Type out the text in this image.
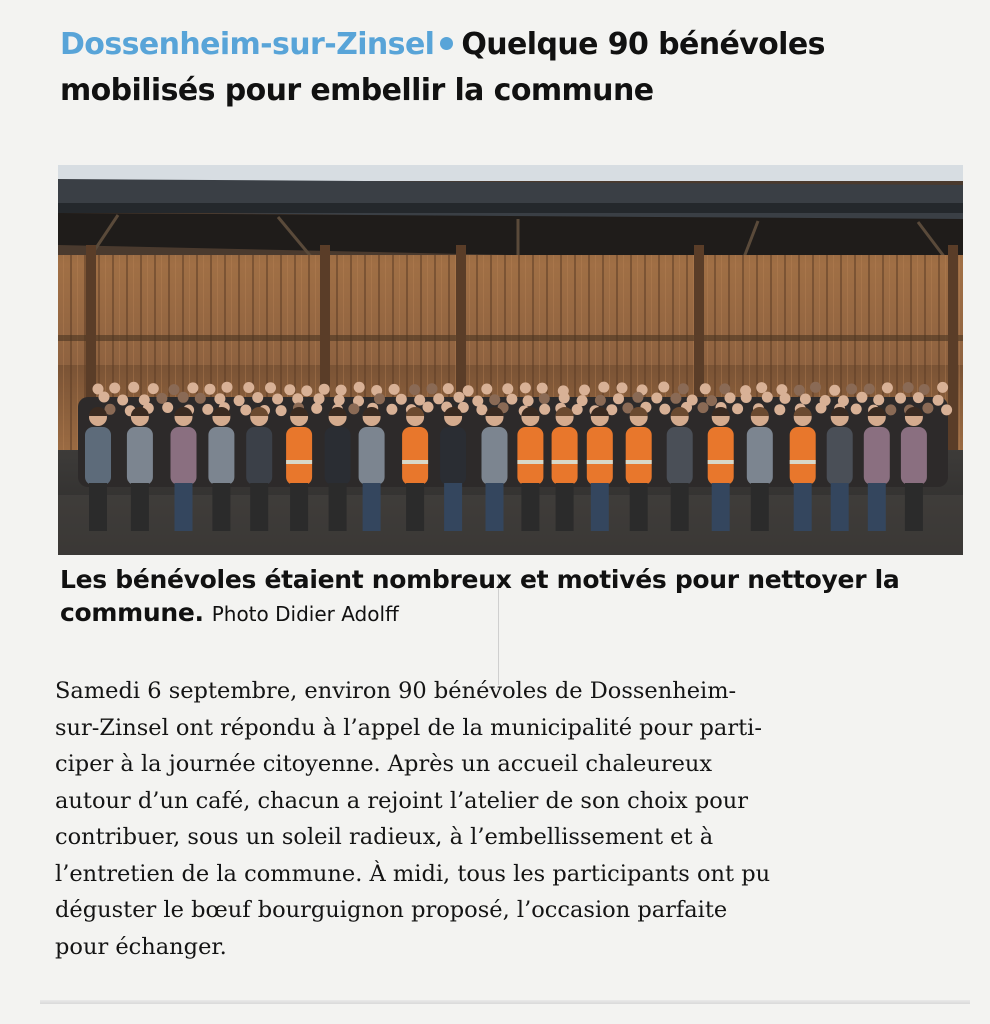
Dossenheim-sur-Zinsel Quelque 90 bénévoles
mobilisés pour embellir la commune
Les bénévoles étaient nombreux et motivés pour nettoyer la commune. Photo Didier Adolff
Samedi 6 septembre, environ 90 bénévoles de Dossenheim-
sur-Zinsel ont répondu à l’appel de la municipalité pour parti-
ciper à la journée citoyenne. Après un accueil chaleureux
autour d’un café, chacun a rejoint l’atelier de son choix pour
contribuer, sous un soleil radieux, à l’embellissement et à
l’entretien de la commune. À midi, tous les participants ont pu
déguster le bœuf bourguignon proposé, l’occasion parfaite
pour échanger.
